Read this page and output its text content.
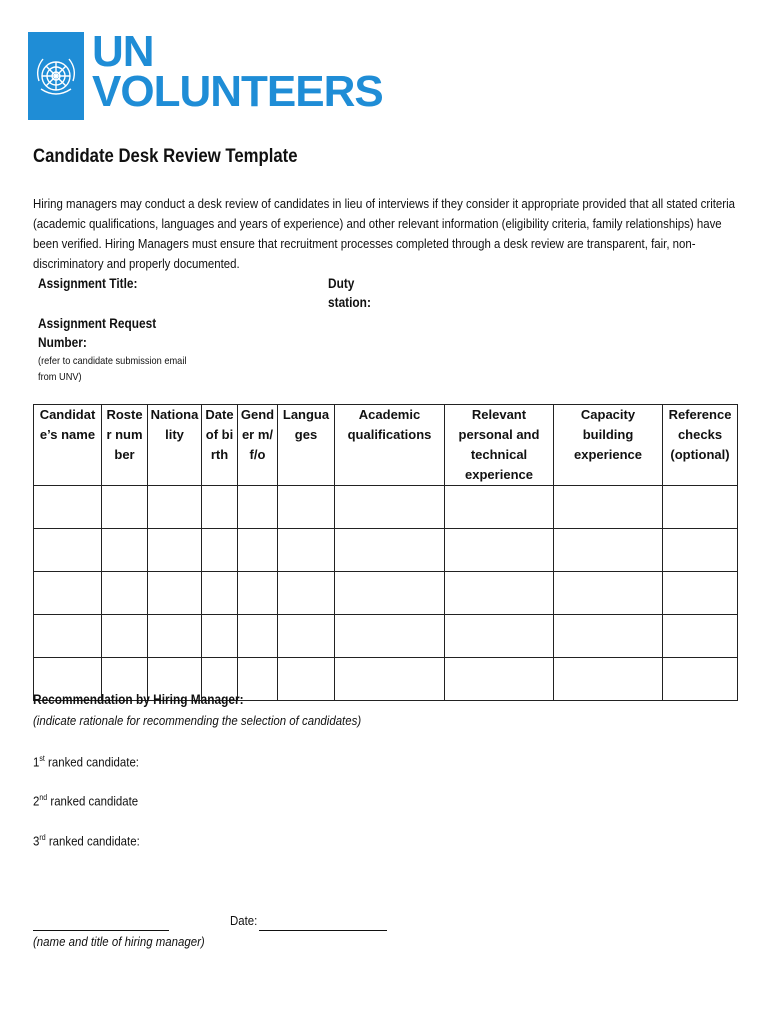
UN
VOLUNTEERS
Candidate Desk Review Template
Hiring managers may conduct a desk review of candidates in lieu of interviews if they consider it appropriate provided that all stated criteria (academic qualifications, languages and years of experience) and other relevant information (eligibility criteria, family relationships) have been verified. Hiring Managers must ensure that recruitment processes completed through a desk review are transparent, fair, non-discriminatory and properly documented.
Assignment Title:	Duty station:
Assignment Request Number:
(refer to candidate submission email from UNV)
Candidate’s name	Roster number	Nationality	Date of birth	Gender m/f/o	Languages	Academic qualifications	Relevant personal and technical experience	Capacity building experience	Reference checks (optional)

Recommendation by Hiring Manager:
(indicate rationale for recommending the selection of candidates)
1st ranked candidate:
2nd ranked candidate
3rd ranked candidate:
Date:
(name and title of hiring manager)
